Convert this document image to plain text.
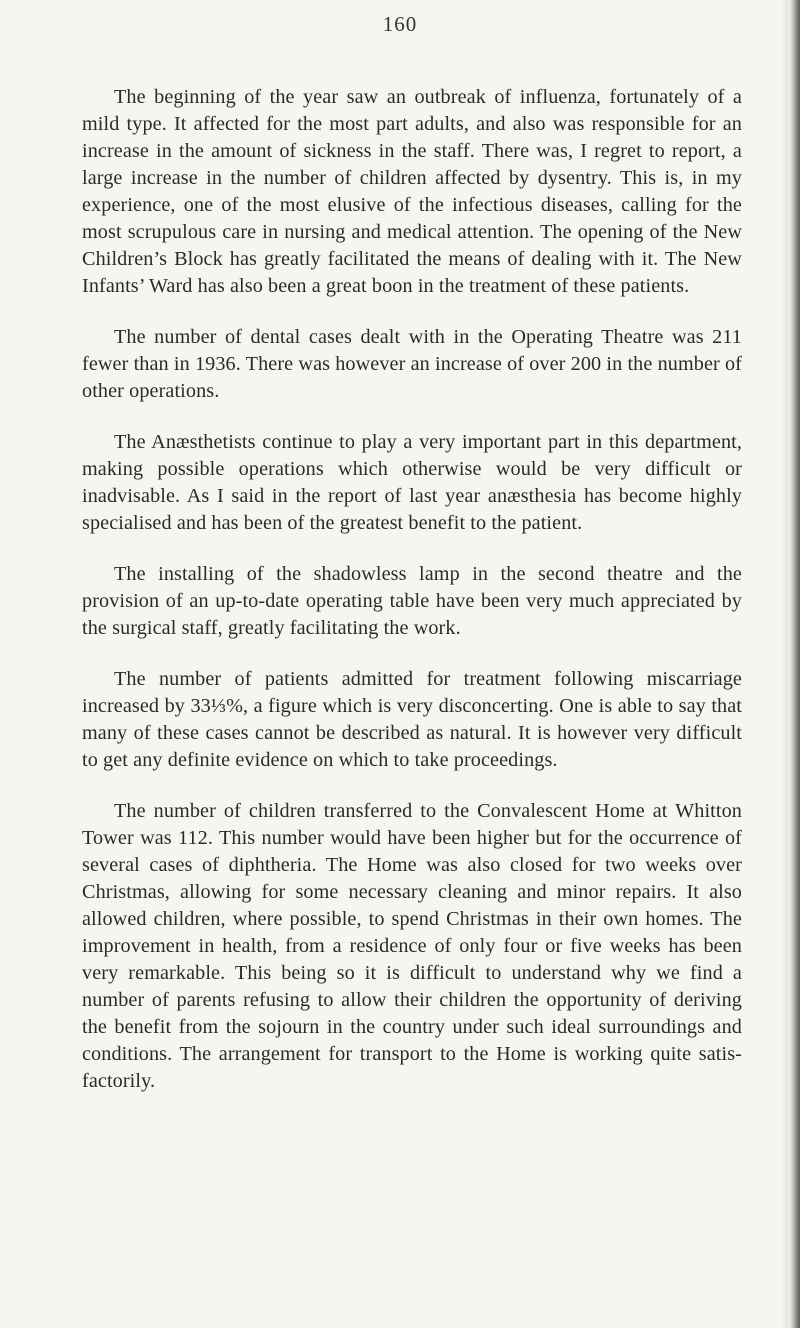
160

The beginning of the year saw an outbreak of influenza, fortunately of a mild type. It affected for the most part adults, and also was responsible for an increase in the amount of sickness in the staff. There was, I regret to report, a large increase in the number of children affected by dysentry. This is, in my experience, one of the most elusive of the infectious diseases, calling for the most scrupulous care in nursing and medical attention. The opening of the New Children’s Block has greatly facilitated the means of dealing with it. The New Infants’ Ward has also been a great boon in the treatment of these patients.

The number of dental cases dealt with in the Operating Theatre was 211 fewer than in 1936. There was however an increase of over 200 in the number of other operations.

The Anæsthetists continue to play a very important part in this department, making possible operations which otherwise would be very difficult or inadvisable. As I said in the report of last year anæsthesia has become highly specialised and has been of the greatest benefit to the patient.

The installing of the shadowless lamp in the second theatre and the provision of an up-to-date operating table have been very much appreciated by the surgical staff, greatly facilitating the work.

The number of patients admitted for treatment following miscarriage increased by 33⅓%, a figure which is very disconcerting. One is able to say that many of these cases cannot be described as natural. It is however very difficult to get any definite evidence on which to take proceedings.

The number of children transferred to the Convalescent Home at Whitton Tower was 112. This number would have been higher but for the occurrence of several cases of diphtheria. The Home was also closed for two weeks over Christmas, allowing for some necessary cleaning and minor repairs. It also allowed children, where possible, to spend Christmas in their own homes. The improvement in health, from a residence of only four or five weeks has been very remarkable. This being so it is difficult to understand why we find a number of parents refusing to allow their children the opportunity of deriving the benefit from the sojourn in the country under such ideal surroundings and conditions. The arrangement for transport to the Home is working quite satis-factorily.
